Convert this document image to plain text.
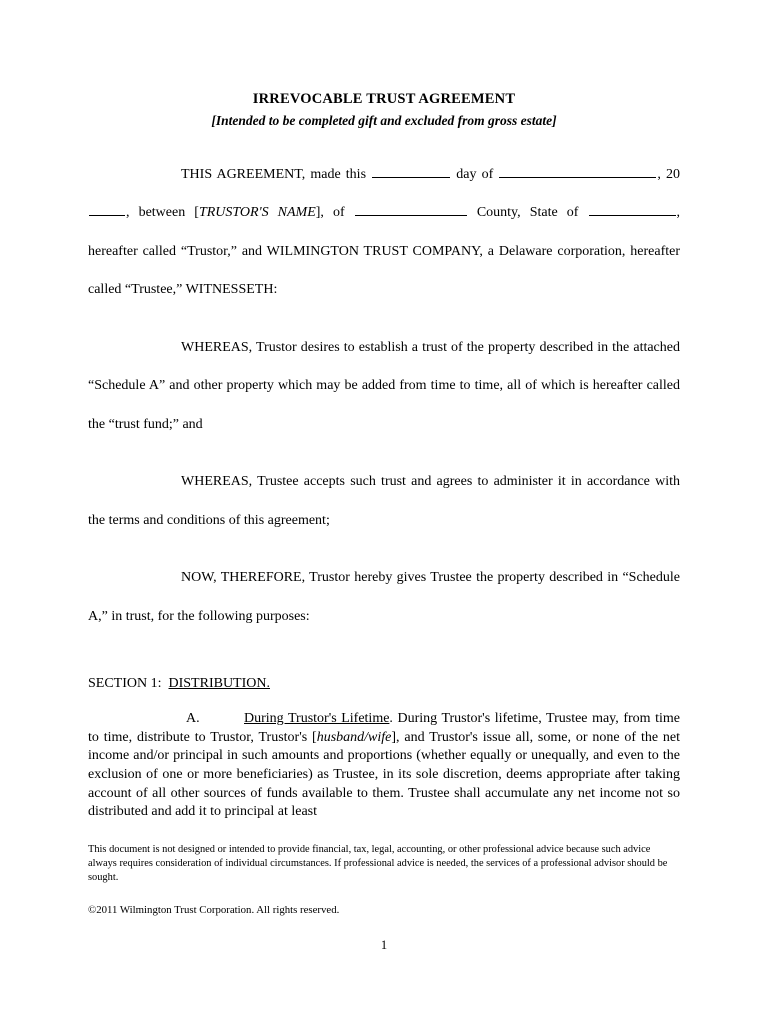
IRREVOCABLE TRUST AGREEMENT
[Intended to be completed gift and excluded from gross estate]

THIS AGREEMENT, made this	day of	, 20, between [TRUSTOR'S NAME], of	County, State of	, hereafter called “Trustor,” and WILMINGTON TRUST COMPANY, a Delaware corporation, hereafter called “Trustee,” WITNESSETH:

WHEREAS, Trustor desires to establish a trust of the property described in the attached “Schedule A” and other property which may be added from time to time, all of which is hereafter called the “trust fund;” and

WHEREAS, Trustee accepts such trust and agrees to administer it in accordance with the terms and conditions of this agreement;

NOW, THEREFORE, Trustor hereby gives Trustee the property described in “Schedule A,” in trust, for the following purposes:

SECTION 1: DISTRIBUTION.
A.	During Trustor's Lifetime. During Trustor's lifetime, Trustee may, from time to time, distribute to Trustor, Trustor's [husband/wife], and Trustor's issue all, some, or none of the net income and/or principal in such amounts and proportions (whether equally or unequally, and even to the exclusion of one or more beneficiaries) as Trustee, in its sole discretion, deems appropriate after taking account of all other sources of funds available to them. Trustee shall accumulate any net income not so distributed and add it to principal at least
This document is not designed or intended to provide financial, tax, legal, accounting, or other professional advice because such advice always requires consideration of individual circumstances. If professional advice is needed, the services of a professional advisor should be sought.
©2011 Wilmington Trust Corporation. All rights reserved.
1
